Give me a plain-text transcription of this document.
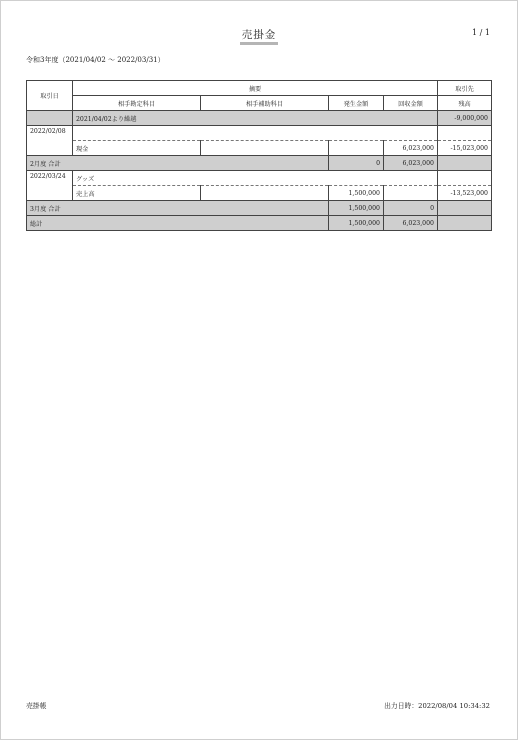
売掛金	1 / 1
令和3年度（2021/04/02 ～ 2022/03/31）
取引日	摘要				取引先
	相手勘定科目	相手補助科目	発生金額	回収金額	残高
	2021/04/02より繰越				-9,000,000
2022/02/08					
	現金			6,023,000	-15,023,000
2月度 合計			0	6,023,000	
2022/03/24	グッズ				
	売上高		1,500,000		-13,523,000
3月度 合計			1,500,000	0	
総計			1,500,000	6,023,000	
売掛帳	出力日時：2022/08/04 10:34:32
